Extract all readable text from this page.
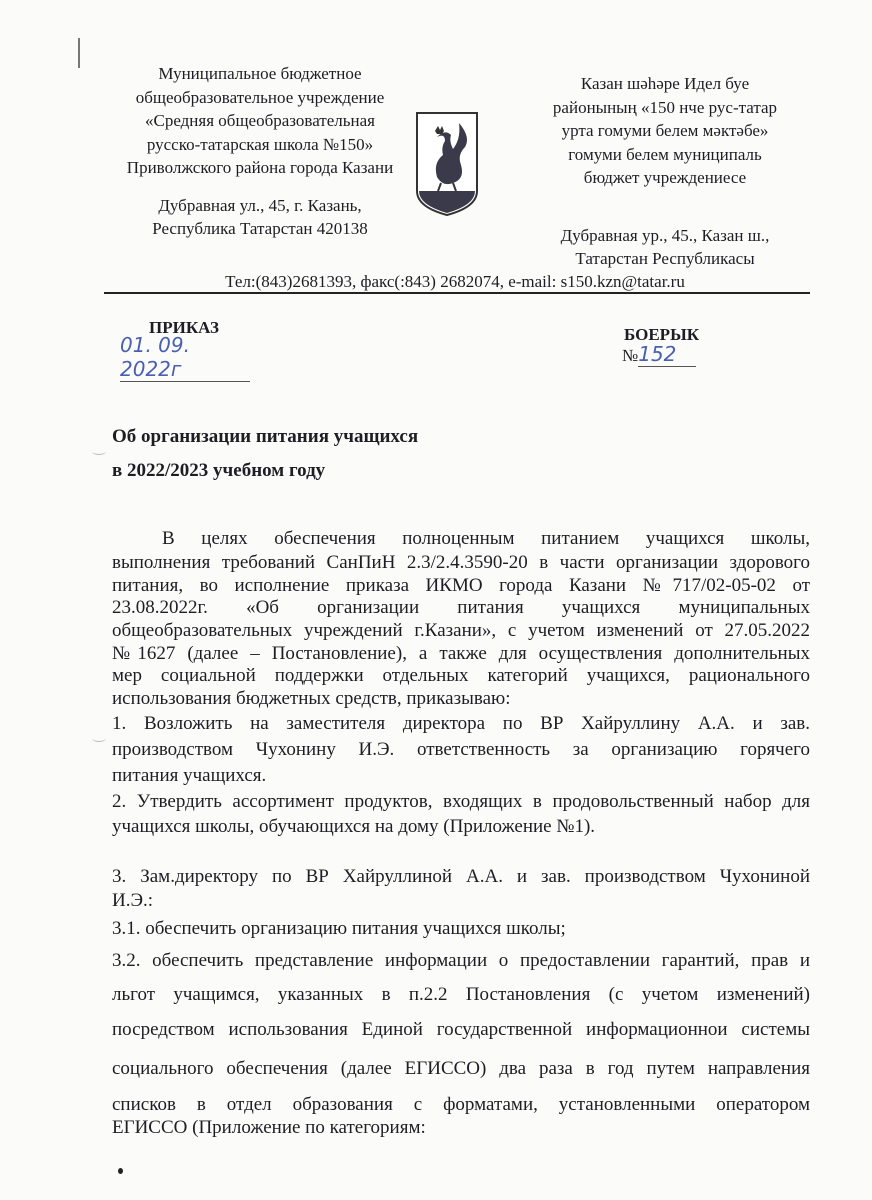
Муниципальное бюджетное
общеобразовательное учреждение
«Средняя общеобразовательная
русско-татарская школа №150»
Приволжского района города Казани
Дубравная ул., 45, г. Казань,
Республика Татарстан 420138
Казан шәһәре Идел буе
районының «150 нче рус-татар
урта гомуми белем мәктәбе»
гомуми белем муниципаль
бюджет учреждениесе
Дубравная ур., 45., Казан ш.,
Татарстан Республикасы
Тел:(843)2681393, факс(:843) 2682074, e-mail: s150.kzn@tatar.ru
ПРИКАЗ
01. 09. 2022г
БОЕРЫК
№152
Об организации питания учащихся
в 2022/2023 учебном году
В целях обеспечения полноценным питанием учащихся школы,
выполнения требований СанПиН 2.3/2.4.3590-20 в части организации здорового
питания, во исполнение приказа ИКМО города Казани №717/02-05-02 от
23.08.2022г. «Об организации питания учащихся муниципальных
общеобразовательных учреждений г.Казани», с учетом изменений от 27.05.2022
№1627 (далее – Постановление), а также для осуществления дополнительных
мер социальной поддержки отдельных категорий учащихся, рационального
использования бюджетных средств, приказываю:
1. Возложить на заместителя директора по ВР Хайруллину А.А. и зав.
производством Чухонину И.Э. ответственность за организацию горячего
питания учащихся.
2. Утвердить ассортимент продуктов, входящих в продовольственный набор для
учащихся школы, обучающихся на дому (Приложение №1).
3. Зам.директору по ВР Хайруллиной А.А. и зав. производством Чухониной
И.Э.:
3.1. обеспечить организацию питания учащихся школы;
3.2. обеспечить представление информации о предоставлении гарантий, прав и
льгот учащимся, указанных в п.2.2 Постановления (с учетом изменений)
посредством использования Единой государственной информационнои системы
социального обеспечения (далее ЕГИССО) два раза в год путем направления
списков в отдел образования с форматами, установленными оператором
ЕГИССО (Приложение по категориям:
